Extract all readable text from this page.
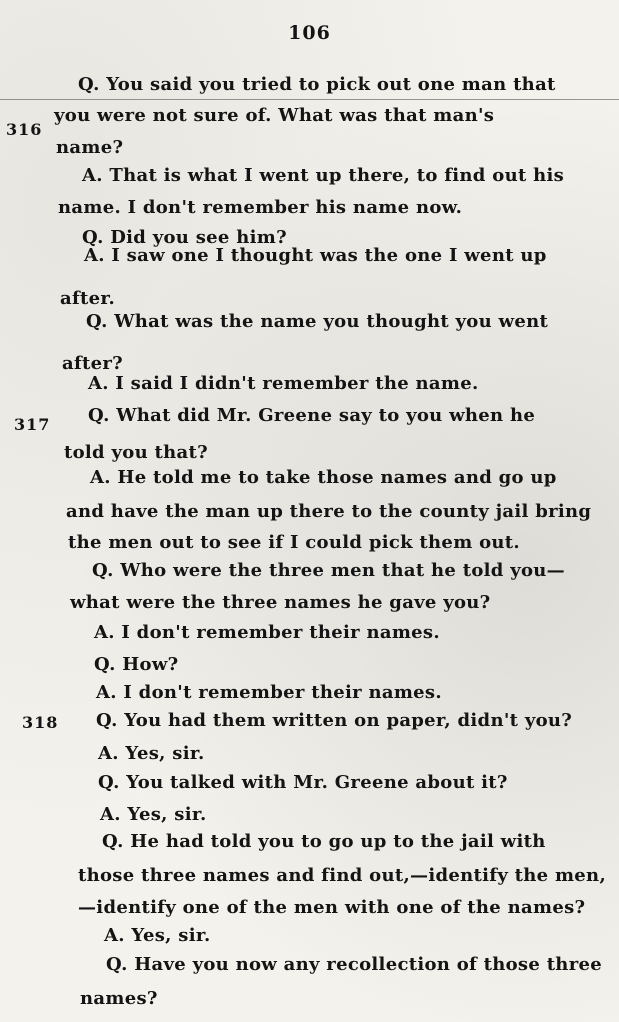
106
316
317
318
Q. You said you tried to pick out one man that
you were not sure of. What was that man's
name?
A. That is what I went up there, to find out his
name. I don't remember his name now.
Q. Did you see him?
A. I saw one I thought was the one I went up
after.
Q. What was the name you thought you went
after?
A. I said I didn't remember the name.
Q. What did Mr. Greene say to you when he
told you that?
A. He told me to take those names and go up
and have the man up there to the county jail bring
the men out to see if I could pick them out.
Q. Who were the three men that he told you—
what were the three names he gave you?
A. I don't remember their names.
Q. How?
A. I don't remember their names.
Q. You had them written on paper, didn't you?
A. Yes, sir.
Q. You talked with Mr. Greene about it?
A. Yes, sir.
Q. He had told you to go up to the jail with
those three names and find out,—identify the men,
—identify one of the men with one of the names?
A. Yes, sir.
Q. Have you now any recollection of those three
names?
